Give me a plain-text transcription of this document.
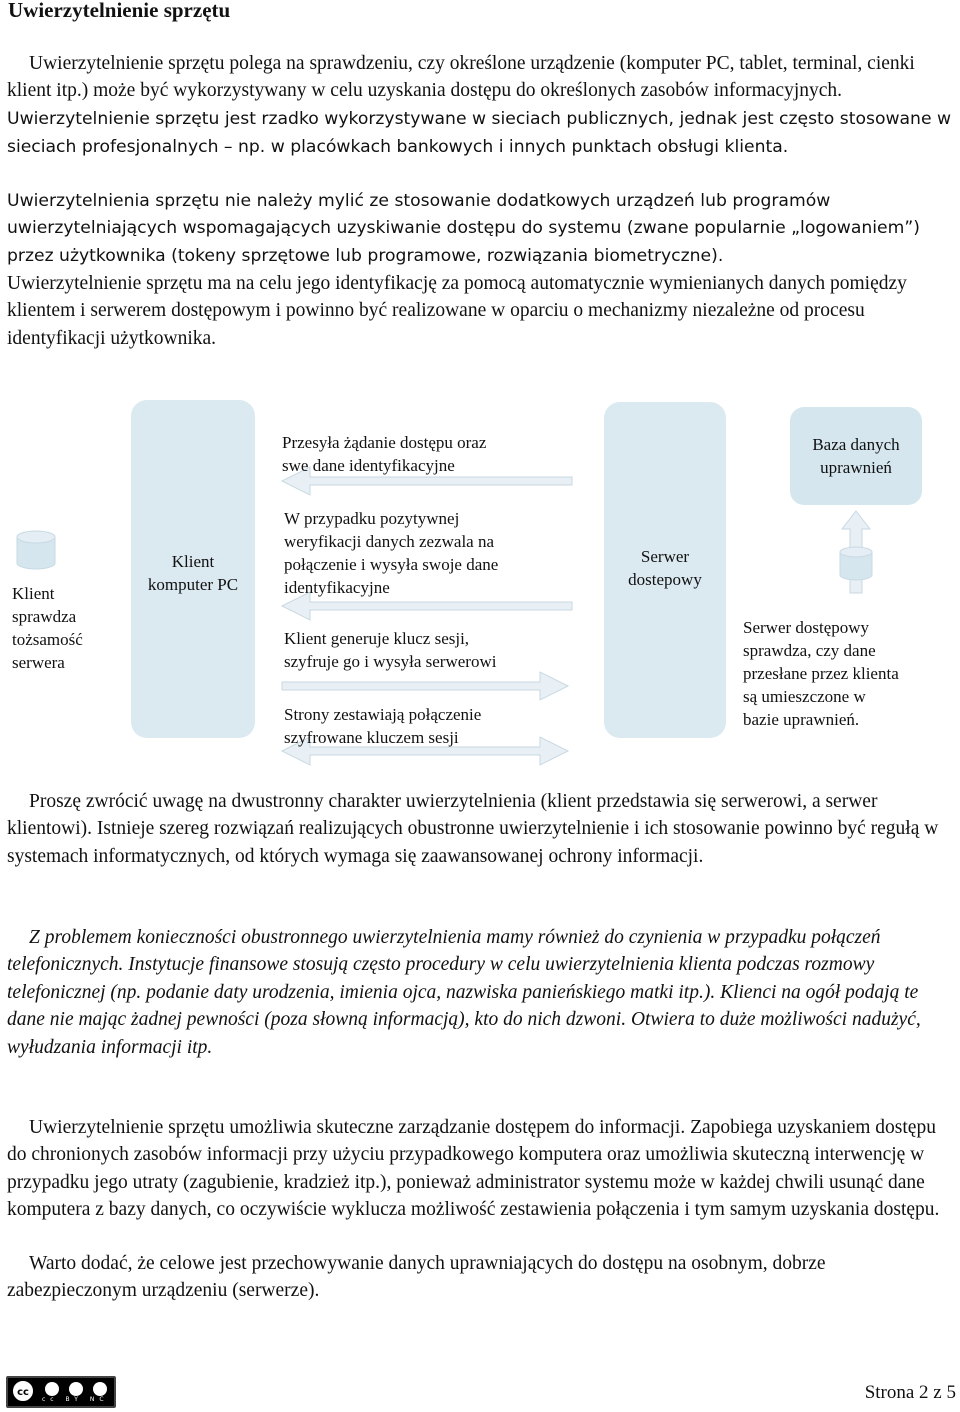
Uwierzytelnienie sprzętu

Uwierzytelnienie sprzętu polega na sprawdzeniu, czy określone urządzenie (komputer PC, tablet, terminal, cienki klient itp.) może być wykorzystywany w celu uzyskania dostępu do określonych zasobów informacyjnych. Uwierzytelnienie sprzętu jest rzadko wykorzystywane w sieciach publicznych, jednak jest często stosowane w sieciach profesjonalnych – np. w placówkach bankowych i innych punktach obsługi klienta.

Uwierzytelnienia sprzętu nie należy mylić ze stosowanie dodatkowych urządzeń lub programów uwierzytelniających wspomagających uzyskiwanie dostępu do systemu (zwane popularnie „logowaniem”) przez użytkownika (tokeny sprzętowe lub programowe, rozwiązania biometryczne).

Uwierzytelnienie sprzętu ma na celu jego identyfikację za pomocą automatycznie wymienianych danych pomiędzy klientem i serwerem dostępowym i powinno być realizowane w oparciu o mechanizmy niezależne od procesu identyfikacji użytkownika.

Klient
komputer PC
Serwer
dostepowy
Baza danych
uprawnień
Klient
sprawdza
tożsamość
serwera
Przesyła żądanie dostępu oraz
swe dane identyfikacyjne
W przypadku pozytywnej
weryfikacji danych zezwala na
połączenie i wysyła swoje dane
identyfikacyjne
Klient generuje klucz sesji,
szyfruje go i wysyła serwerowi
Strony zestawiają połączenie
szyfrowane kluczem sesji
Serwer dostępowy
sprawdza, czy dane
przesłane przez klienta
są umieszczone w
bazie uprawnień.

Proszę zwrócić uwagę na dwustronny charakter uwierzytelnienia (klient przedstawia się serwerowi, a serwer klientowi). Istnieje szereg rozwiązań realizujących obustronne uwierzytelnienie i ich stosowanie powinno być regułą w systemach informatycznych, od których wymaga się zaawansowanej ochrony informacji.

Z problemem konieczności obustronnego uwierzytelnienia mamy również do czynienia w przypadku połączeń telefonicznych. Instytucje finansowe stosują często procedury w celu uwierzytelnienia klienta podczas rozmowy telefonicznej (np. podanie daty urodzenia, imienia ojca, nazwiska panieńskiego matki itp.). Klienci na ogół podają te dane nie mając żadnej pewności (poza słowną informacją), kto do nich dzwoni. Otwiera to duże możliwości nadużyć, wyłudzania informacji itp.

Uwierzytelnienie sprzętu umożliwia skuteczne zarządzanie dostępem do informacji. Zapobiega uzyskaniem dostępu do chronionych zasobów informacji przy użyciu przypadkowego komputera oraz umożliwia skuteczną interwencję w przypadku jego utraty (zagubienie, kradzież itp.), ponieważ administrator systemu może w każdej chwili usunąć dane komputera z bazy danych, co oczywiście wyklucza możliwość zestawienia połączenia i tym samym uzyskania dostępu.

Warto dodać, że celowe jest przechowywanie danych uprawniających do dostępu na osobnym, dobrze zabezpieczonym urządzeniu (serwerze).

cc
cc BY NC SA	Strona 2 z 5
